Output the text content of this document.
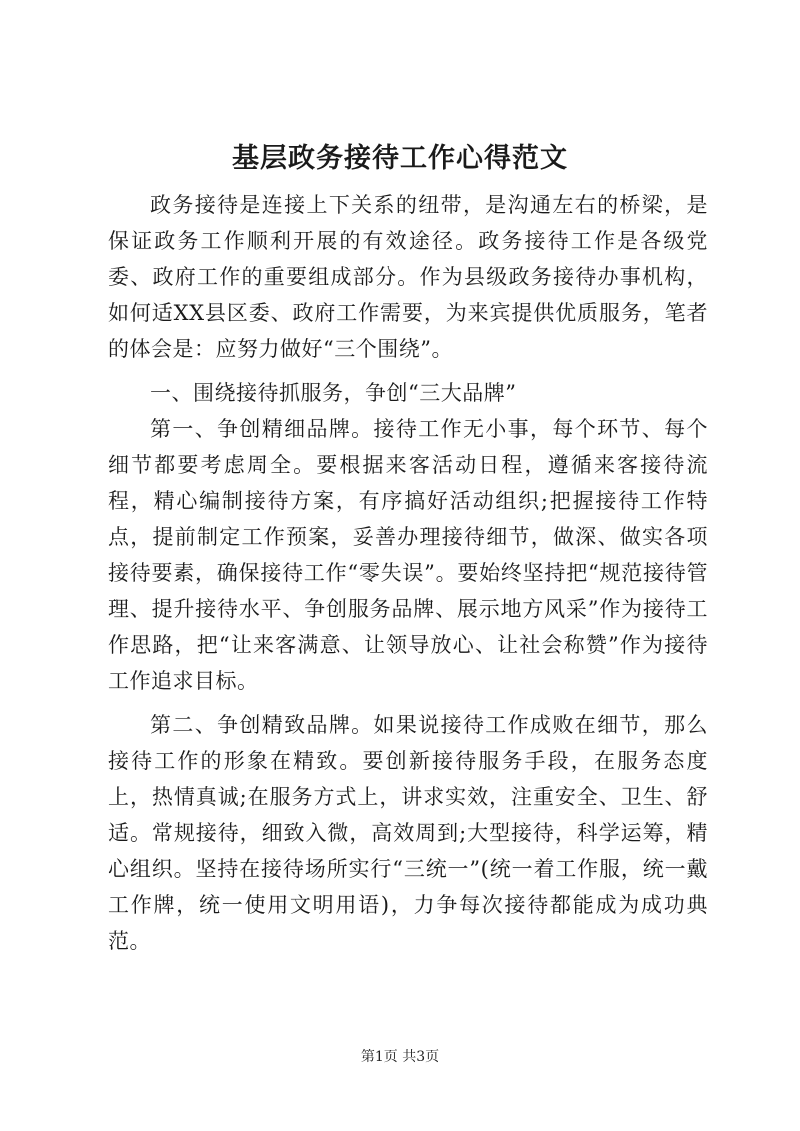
基层政务接待工作心得范文

政务接待是连接上下关系的纽带，是沟通左右的桥梁，是保证政务工作顺利开展的有效途径。政务接待工作是各级党委、政府工作的重要组成部分。作为县级政务接待办事机构，如何适XX县区委、政府工作需要，为来宾提供优质服务，笔者的体会是：应努力做好“三个围绕”。

一、围绕接待抓服务，争创“三大品牌”

第一、争创精细品牌。接待工作无小事，每个环节、每个细节都要考虑周全。要根据来客活动日程，遵循来客接待流程，精心编制接待方案，有序搞好活动组织;把握接待工作特点，提前制定工作预案，妥善办理接待细节，做深、做实各项接待要素，确保接待工作“零失误”。要始终坚持把“规范接待管理、提升接待水平、争创服务品牌、展示地方风采”作为接待工作思路，把“让来客满意、让领导放心、让社会称赞”作为接待工作追求目标。

第二、争创精致品牌。如果说接待工作成败在细节，那么接待工作的形象在精致。要创新接待服务手段，在服务态度上，热情真诚;在服务方式上，讲求实效，注重安全、卫生、舒适。常规接待，细致入微，高效周到;大型接待，科学运筹，精心组织。坚持在接待场所实行“三统一”(统一着工作服，统一戴工作牌，统一使用文明用语)，力争每次接待都能成为成功典范。

第1页 共3页
